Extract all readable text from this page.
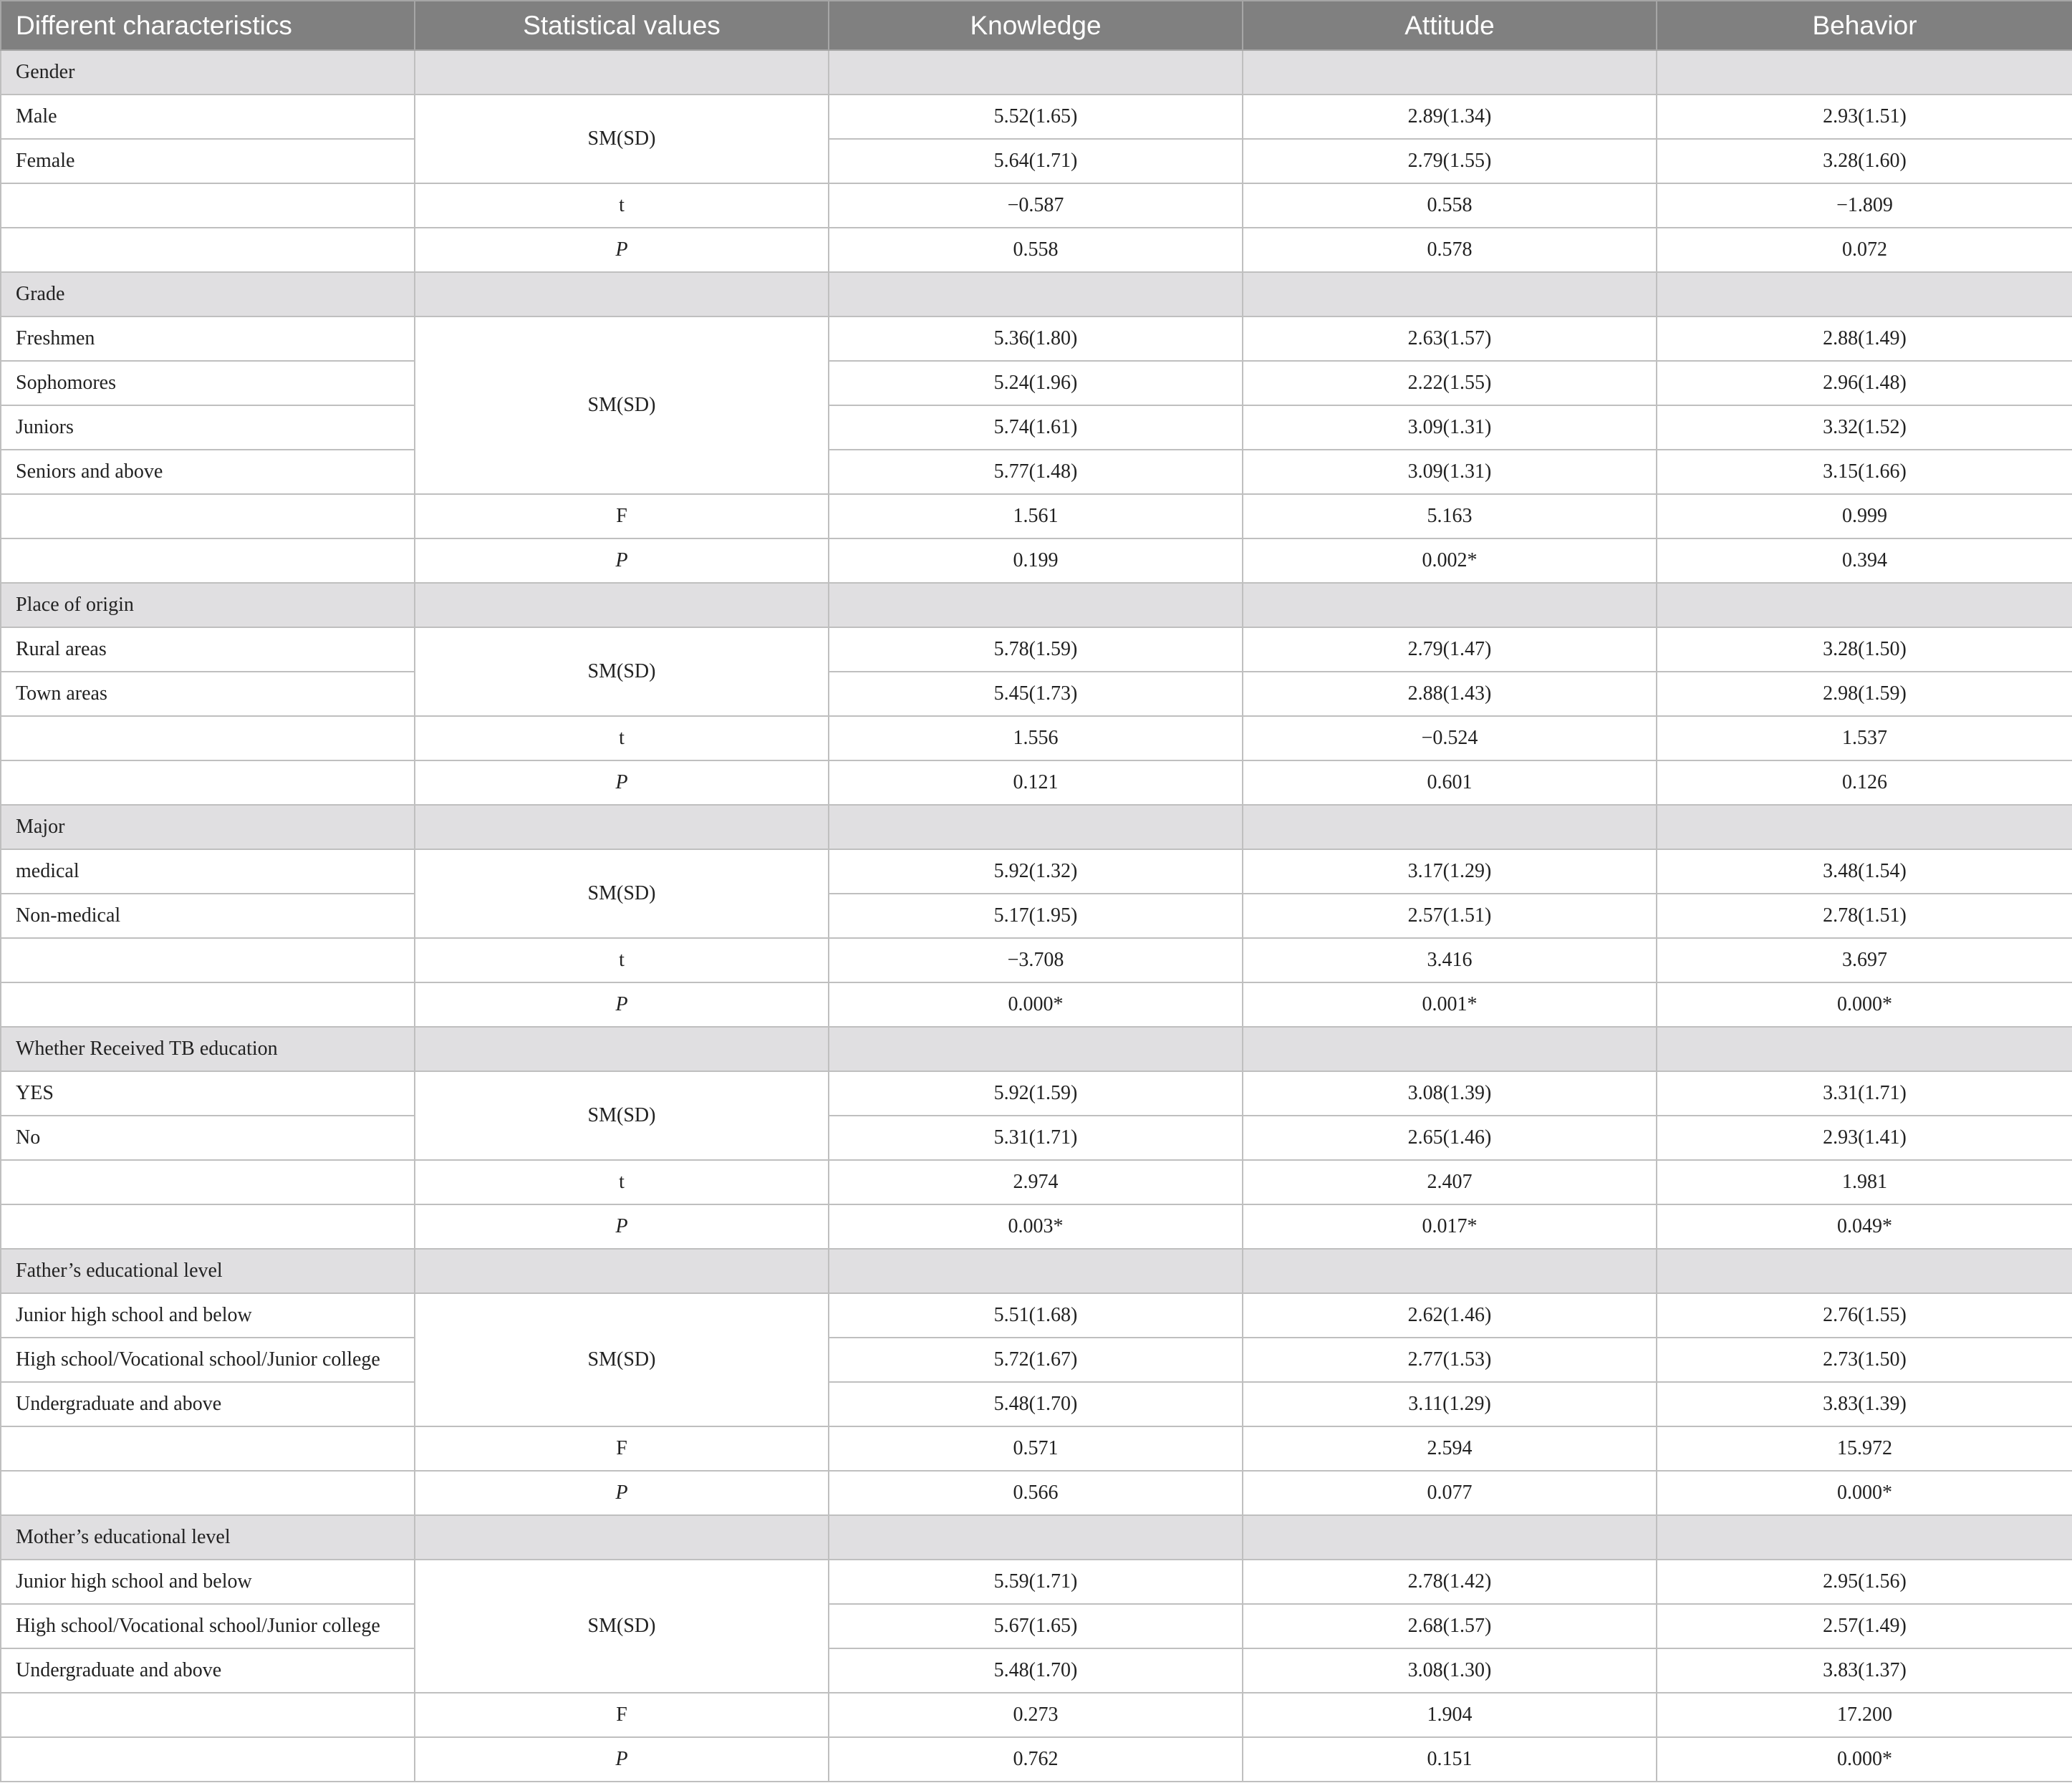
Different characteristics	Statistical values	Knowledge	Attitude	Behavior
Gender				
Male	SM(SD)	5.52(1.65)	2.89(1.34)	2.93(1.51)
Female		5.64(1.71)	2.79(1.55)	3.28(1.60)
	t	−0.587	0.558	−1.809
	P	0.558	0.578	0.072
Grade				
Freshmen	SM(SD)	5.36(1.80)	2.63(1.57)	2.88(1.49)
Sophomores		5.24(1.96)	2.22(1.55)	2.96(1.48)
Juniors		5.74(1.61)	3.09(1.31)	3.32(1.52)
Seniors and above		5.77(1.48)	3.09(1.31)	3.15(1.66)
	F	1.561	5.163	0.999
	P	0.199	0.002*	0.394
Place of origin				
Rural areas	SM(SD)	5.78(1.59)	2.79(1.47)	3.28(1.50)
Town areas		5.45(1.73)	2.88(1.43)	2.98(1.59)
	t	1.556	−0.524	1.537
	P	0.121	0.601	0.126
Major				
medical	SM(SD)	5.92(1.32)	3.17(1.29)	3.48(1.54)
Non-medical		5.17(1.95)	2.57(1.51)	2.78(1.51)
	t	−3.708	3.416	3.697
	P	0.000*	0.001*	0.000*
Whether Received TB education				
YES	SM(SD)	5.92(1.59)	3.08(1.39)	3.31(1.71)
No		5.31(1.71)	2.65(1.46)	2.93(1.41)
	t	2.974	2.407	1.981
	P	0.003*	0.017*	0.049*
Father’s educational level				
Junior high school and below	SM(SD)	5.51(1.68)	2.62(1.46)	2.76(1.55)
High school/Vocational school/Junior college		5.72(1.67)	2.77(1.53)	2.73(1.50)
Undergraduate and above		5.48(1.70)	3.11(1.29)	3.83(1.39)
	F	0.571	2.594	15.972
	P	0.566	0.077	0.000*
Mother’s educational level				
Junior high school and below	SM(SD)	5.59(1.71)	2.78(1.42)	2.95(1.56)
High school/Vocational school/Junior college		5.67(1.65)	2.68(1.57)	2.57(1.49)
Undergraduate and above		5.48(1.70)	3.08(1.30)	3.83(1.37)
	F	0.273	1.904	17.200
	P	0.762	0.151	0.000*
